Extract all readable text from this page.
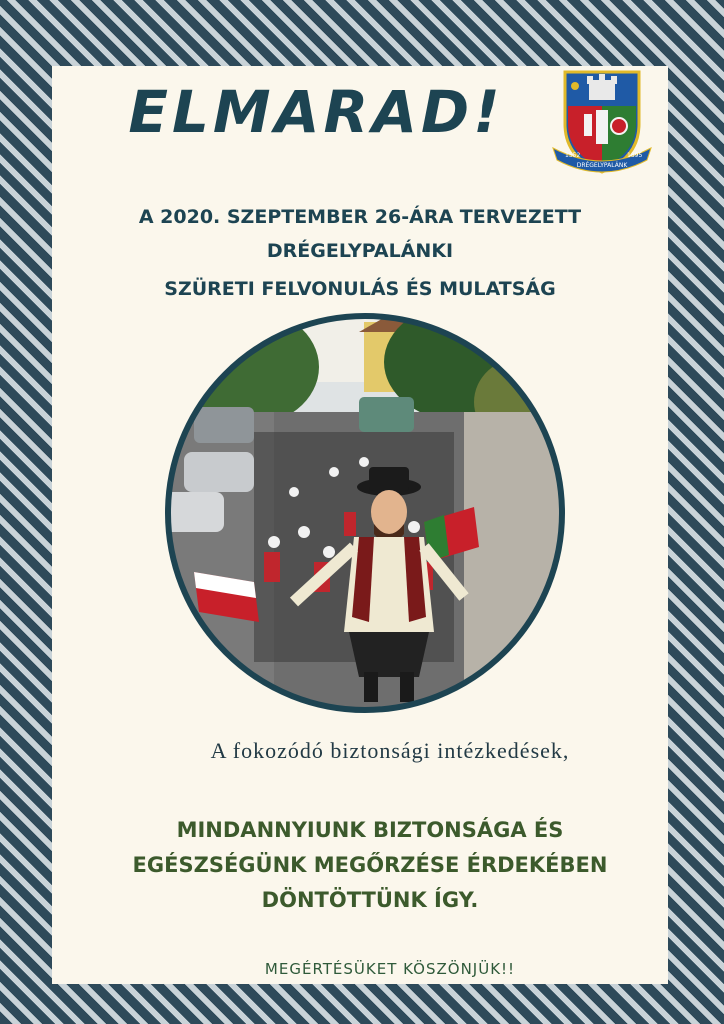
ELMARAD!
1552	1895
DRÉGELYPALÁNK
A 2020. SZEPTEMBER 26-ÁRA TERVEZETT
DRÉGELYPALÁNKI
SZÜRETI FELVONULÁS ÉS MULATSÁG
A fokozódó biztonsági intézkedések,
MINDANNYIUNK BIZTONSÁGA ÉS
EGÉSZSÉGÜNK MEGŐRZÉSE ÉRDEKÉBEN
DÖNTÖTTÜNK ÍGY.
MEGÉRTÉSÜKET KÖSZÖNJÜK!!
